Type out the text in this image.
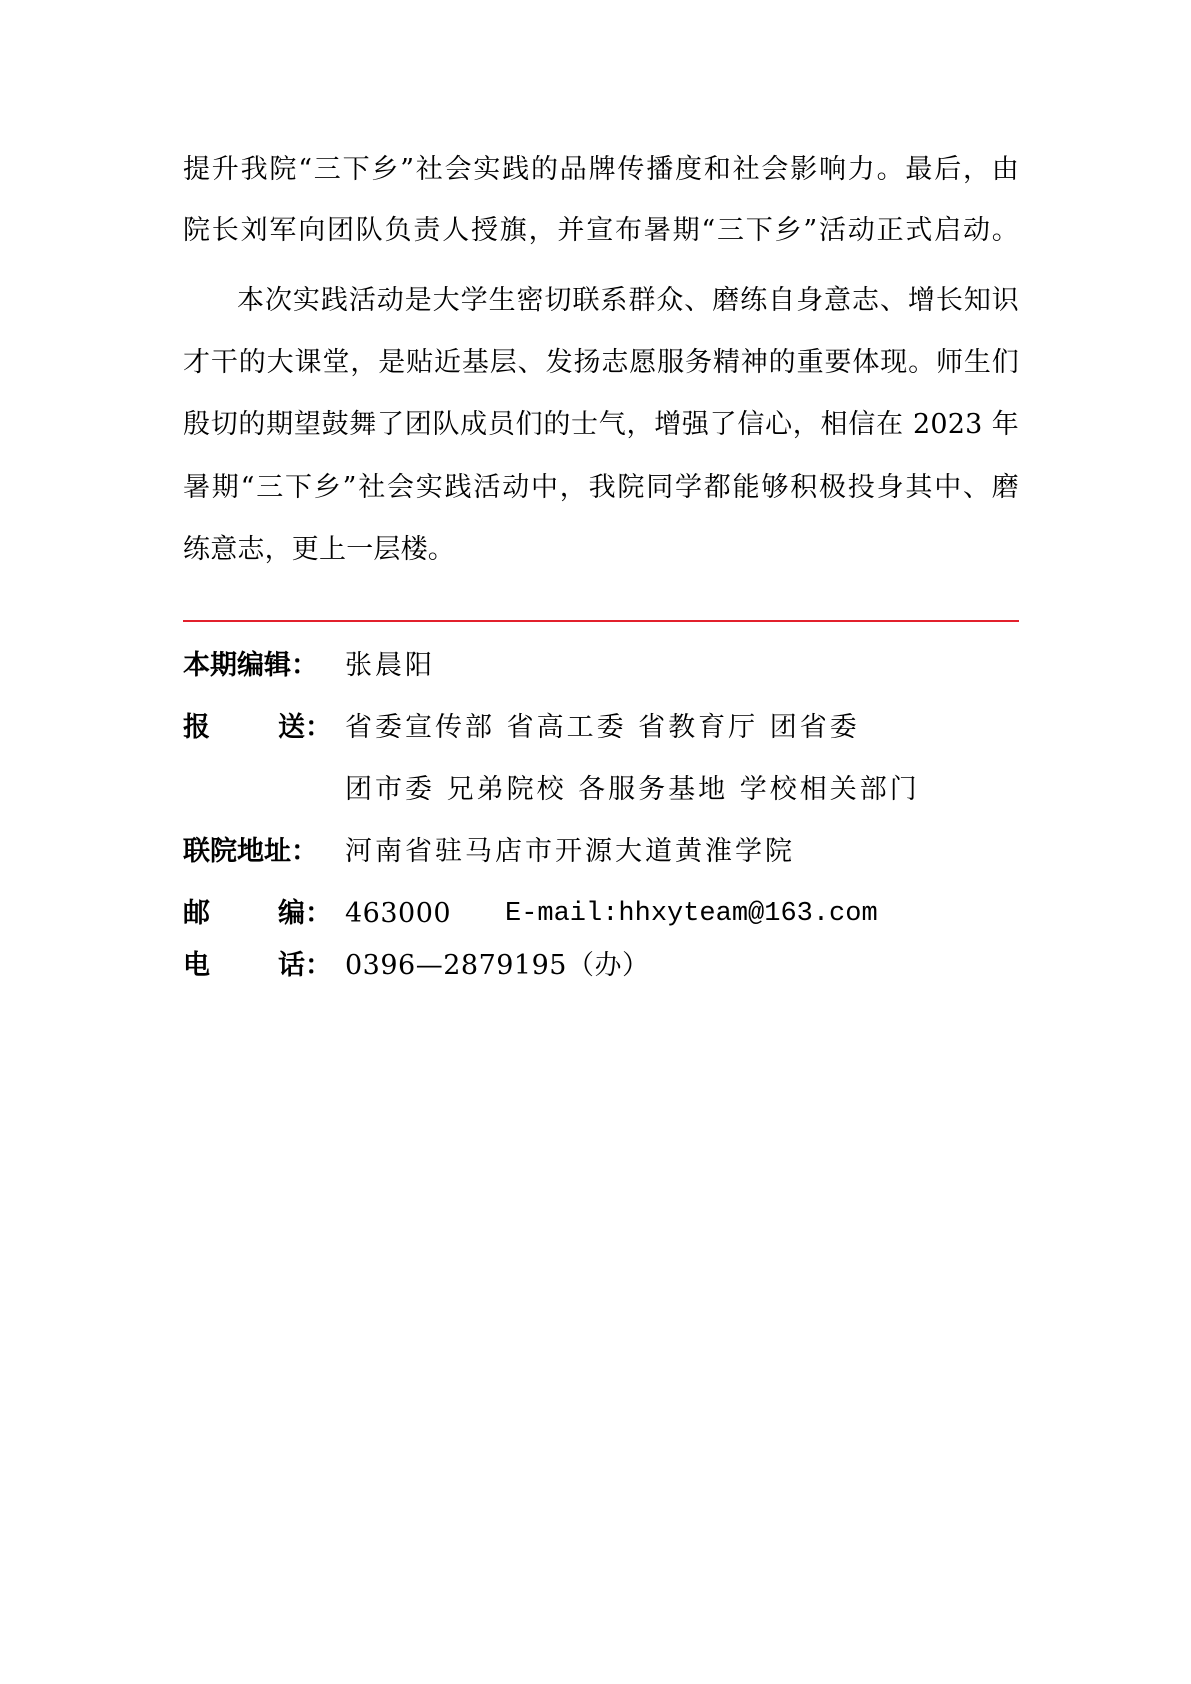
提升我院“三下乡”社会实践的品牌传播度和社会影响力。最后，由
院长刘军向团队负责人授旗，并宣布暑期“三下乡”活动正式启动。
本次实践活动是大学生密切联系群众、磨练自身意志、增长知识
才干的大课堂，是贴近基层、发扬志愿服务精神的重要体现。师生们
殷切的期望鼓舞了团队成员们的士气，增强了信心，相信在 2023 年
暑期“三下乡”社会实践活动中，我院同学都能够积极投身其中、磨
练意志，更上一层楼。
本期编辑： 张晨阳
报	送： 省委宣传部 省高工委 省教育厅 团省委
团市委 兄弟院校 各服务基地 学校相关部门
联院地址： 河南省驻马店市开源大道黄淮学院
邮	编： 463000 E-mail:hhxyteam@163.com
电	话： 0396—2879195（办）
